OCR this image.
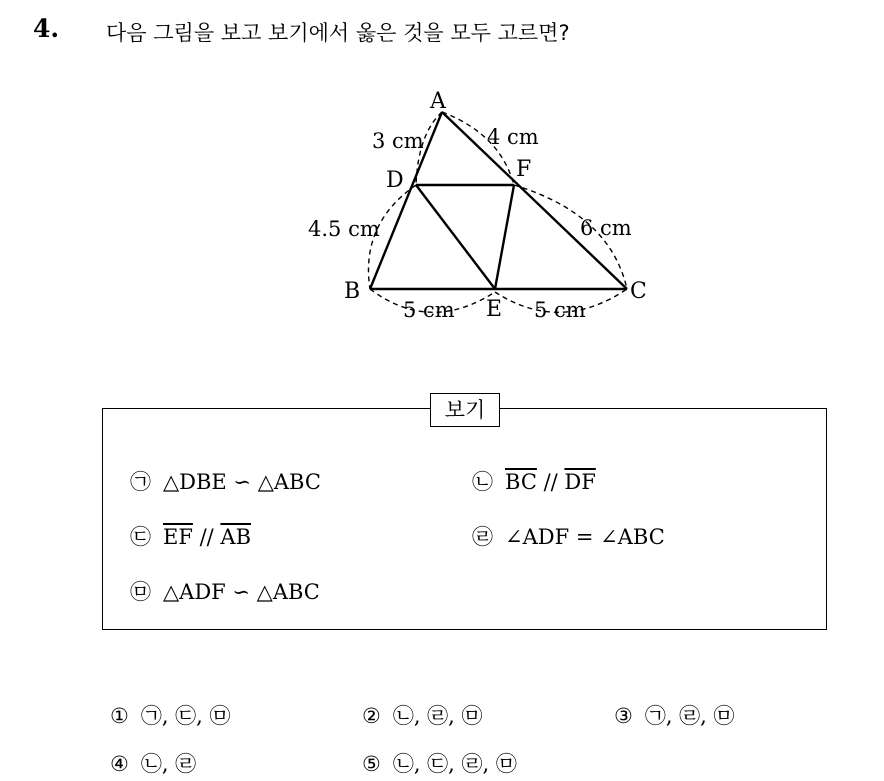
4. 다음 그림을 보고 보기에서 옳은 것을 모두 고르면?
A
B	C
D
E
F
3 cm	4 cm
4.5 cm	6 cm
5 cm	5 cm
보기
㉠ △DBE ∽ △ABC	㉡ $\overline{BC} // \overline{DF}$
㉢ $\overline{EF} // \overline{AB}$	㉣ ∠ADF = ∠ABC
㉤ △ADF ∽ △ABC
① ㉠, ㉢, ㉤	② ㉡, ㉣, ㉤	③ ㉠, ㉣, ㉤
④ ㉡, ㉣	⑤ ㉡, ㉢, ㉣, ㉤
